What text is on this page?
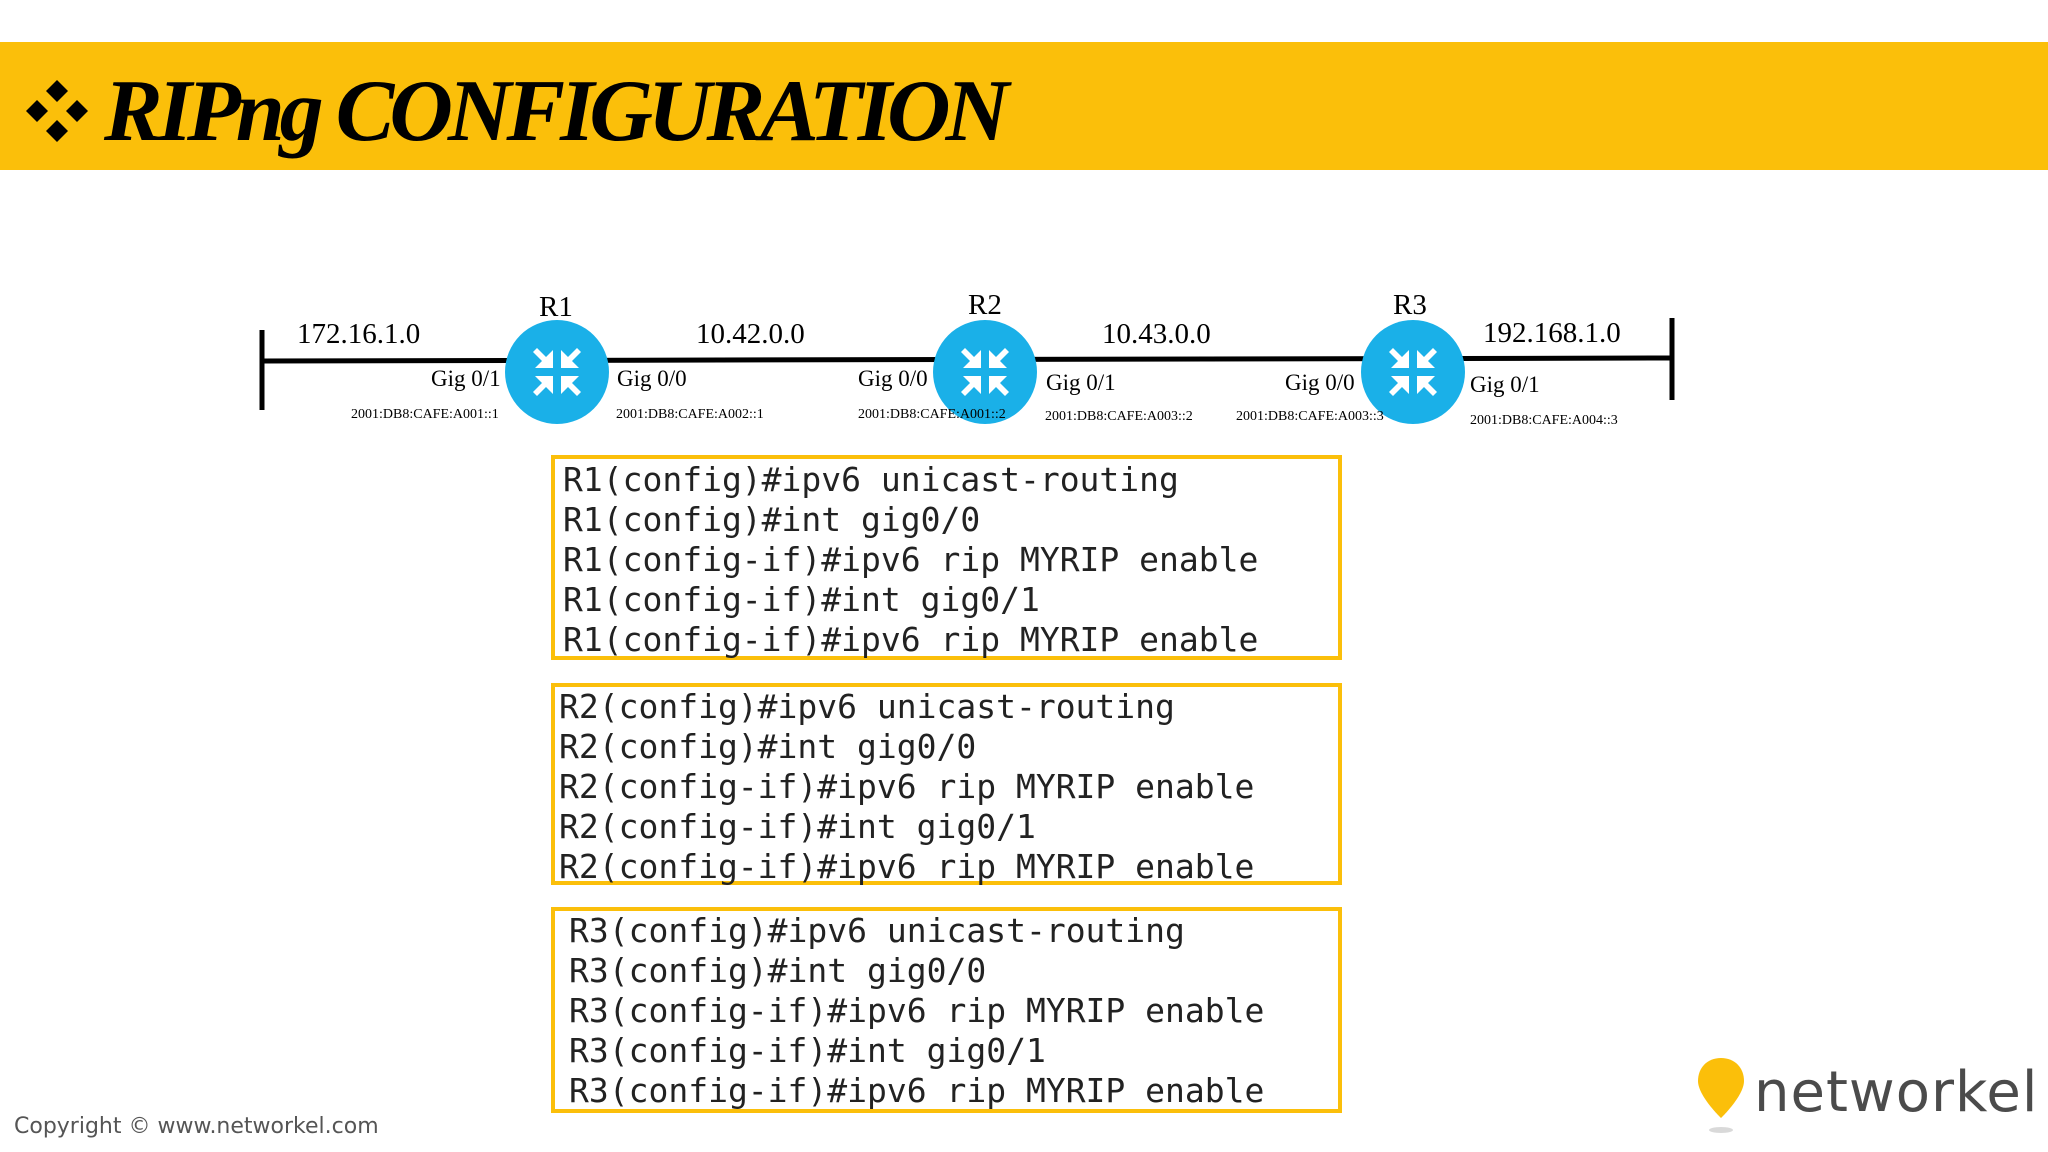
RIPng CONFIGURATION
R1	R2	R3
172.16.1.0	10.42.0.0	10.43.0.0	192.168.1.0
Gig 0/1	Gig 0/0	Gig 0/0	Gig 0/1	Gig 0/0	Gig 0/1
2001:DB8:CAFE:A001::1	2001:DB8:CAFE:A002::1	2001:DB8:CAFE:A001::2	2001:DB8:CAFE:A003::2	2001:DB8:CAFE:A003::3	2001:DB8:CAFE:A004::3
R1(config)#ipv6 unicast-routing
R1(config)#int gig0/0
R1(config-if)#ipv6 rip MYRIP enable
R1(config-if)#int gig0/1
R1(config-if)#ipv6 rip MYRIP enable
R2(config)#ipv6 unicast-routing
R2(config)#int gig0/0
R2(config-if)#ipv6 rip MYRIP enable
R2(config-if)#int gig0/1
R2(config-if)#ipv6 rip MYRIP enable
R3(config)#ipv6 unicast-routing
R3(config)#int gig0/0
R3(config-if)#ipv6 rip MYRIP enable
R3(config-if)#int gig0/1
R3(config-if)#ipv6 rip MYRIP enable
Copyright © www.networkel.com
networkel
